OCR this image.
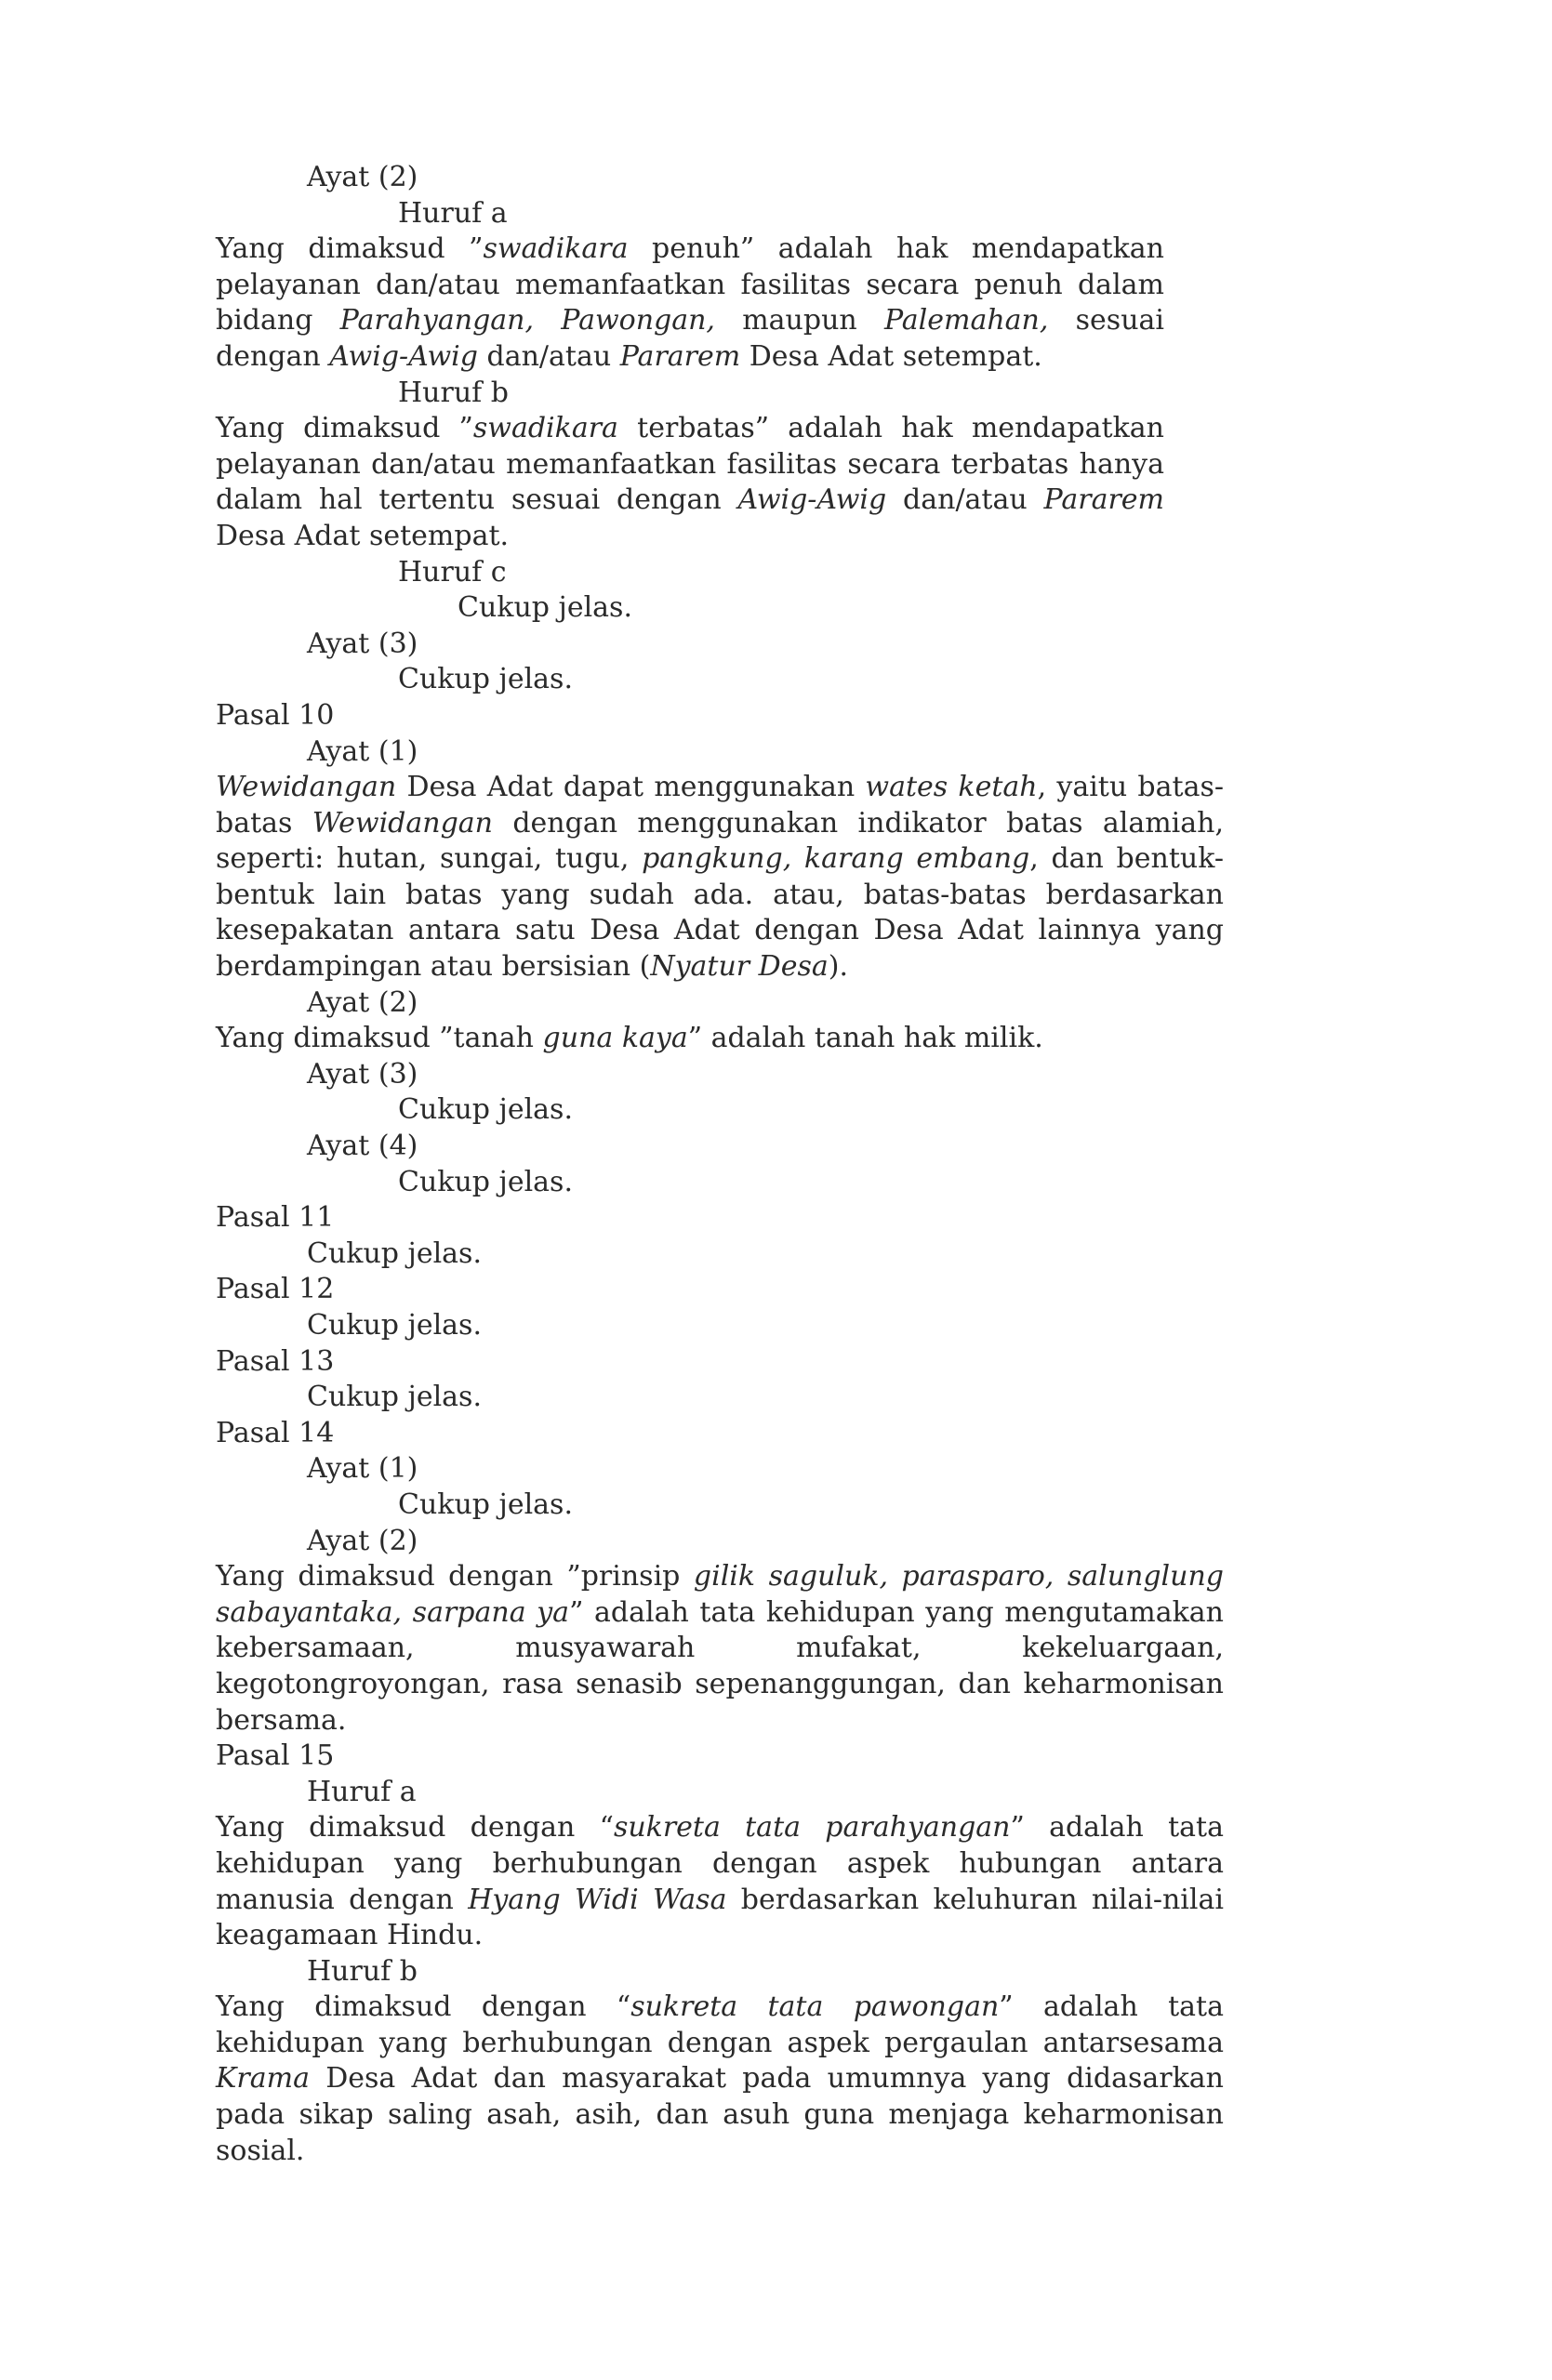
Ayat (2)
Huruf a
Yang dimaksud ”swadikara penuh” adalah hak mendapatkan pelayanan dan/atau memanfaatkan fasilitas secara penuh dalam bidang Parahyangan, Pawongan, maupun Palemahan, sesuai dengan Awig-Awig dan/atau Pararem Desa Adat setempat.
Huruf b
Yang dimaksud ”swadikara terbatas” adalah hak mendapatkan pelayanan dan/atau memanfaatkan fasilitas secara terbatas hanya dalam hal tertentu sesuai dengan Awig-Awig dan/atau Pararem Desa Adat setempat.
Huruf c
Cukup jelas.
Ayat (3)
Cukup jelas.
Pasal 10
Ayat (1)
Wewidangan Desa Adat dapat menggunakan wates ketah, yaitu batas-batas Wewidangan dengan menggunakan indikator batas alamiah, seperti: hutan, sungai, tugu, pangkung, karang embang, dan bentuk-bentuk lain batas yang sudah ada. atau, batas-batas berdasarkan kesepakatan antara satu Desa Adat dengan Desa Adat lainnya yang berdampingan atau bersisian (Nyatur Desa).
Ayat (2)
Yang dimaksud ”tanah guna kaya” adalah tanah hak milik.
Ayat (3)
Cukup jelas.
Ayat (4)
Cukup jelas.
Pasal 11
Cukup jelas.
Pasal 12
Cukup jelas.
Pasal 13
Cukup jelas.
Pasal 14
Ayat (1)
Cukup jelas.
Ayat (2)
Yang dimaksud dengan ”prinsip gilik saguluk, parasparo, salunglung sabayantaka, sarpana ya” adalah tata kehidupan yang mengutamakan kebersamaan, musyawarah mufakat, kekeluargaan, kegotongroyongan, rasa senasib sepenanggungan, dan keharmonisan bersama.
Pasal 15
Huruf a
Yang dimaksud dengan “sukreta tata parahyangan” adalah tata kehidupan yang berhubungan dengan aspek hubungan antara manusia dengan Hyang Widi Wasa berdasarkan keluhuran nilai-nilai keagamaan Hindu.
Huruf b
Yang dimaksud dengan “sukreta tata pawongan” adalah tata kehidupan yang berhubungan dengan aspek pergaulan antarsesama Krama Desa Adat dan masyarakat pada umumnya yang didasarkan pada sikap saling asah, asih, dan asuh guna menjaga keharmonisan sosial.
